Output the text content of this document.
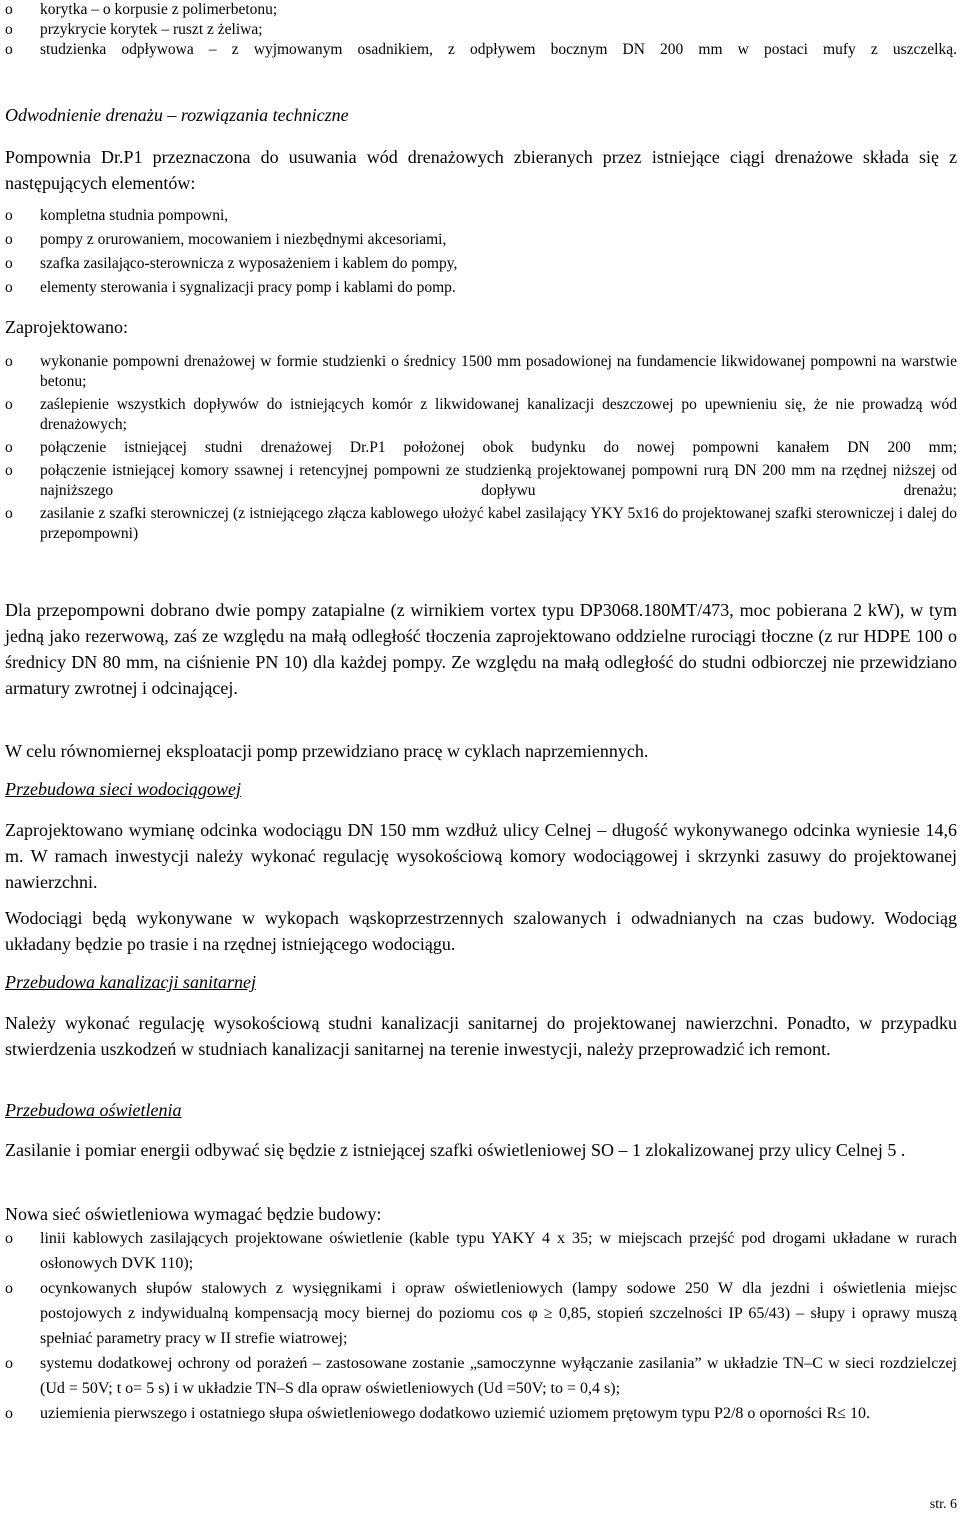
o korytka – o korpusie z polimerbetonu;
o przykrycie korytek – ruszt z żeliwa;
o studzienka odpływowa – z wyjmowanym osadnikiem, z odpływem bocznym DN 200 mm w postaci mufy z uszczelką.
Odwodnienie drenażu – rozwiązania techniczne

Pompownia Dr.P1 przeznaczona do usuwania wód drenażowych zbieranych przez istniejące ciągi drenażowe składa się z następujących elementów:

o kompletna studnia pompowni,
o pompy z orurowaniem, mocowaniem i niezbędnymi akcesoriami,
o szafka zasilająco-sterownicza z wyposażeniem i kablem do pompy,
o elementy sterowania i sygnalizacji pracy pomp i kablami do pomp.
Zaprojektowano:
o wykonanie pompowni drenażowej w formie studzienki o średnicy 1500 mm posadowionej na fundamencie likwidowanej pompowni na warstwie betonu;
o zaślepienie wszystkich dopływów do istniejących komór z likwidowanej kanalizacji deszczowej po upewnieniu się, że nie prowadzą wód drenażowych;
o połączenie istniejącej studni drenażowej Dr.P1 położonej obok budynku do nowej pompowni kanałem DN 200 mm;
o połączenie istniejącej komory ssawnej i retencyjnej pompowni ze studzienką projektowanej pompowni rurą DN 200 mm na rzędnej niższej od najniższego dopływu drenażu;
o zasilanie z szafki sterowniczej (z istniejącego złącza kablowego ułożyć kabel zasilający YKY 5x16 do projektowanej szafki sterowniczej i dalej do przepompowni)

Dla przepompowni dobrano dwie pompy zatapialne (z wirnikiem vortex typu DP3068.180MT/473, moc pobierana 2 kW), w tym jedną jako rezerwową, zaś ze względu na małą odległość tłoczenia zaprojektowano oddzielne rurociągi tłoczne (z rur HDPE 100 o średnicy DN 80 mm, na ciśnienie PN 10) dla każdej pompy. Ze względu na małą odległość do studni odbiorczej nie przewidziano armatury zwrotnej i odcinającej.

W celu równomiernej eksploatacji pomp przewidziano pracę w cyklach naprzemiennych.

Przebudowa sieci wodociągowej

Zaprojektowano wymianę odcinka wodociągu DN 150 mm wzdłuż ulicy Celnej – długość wykonywanego odcinka wyniesie 14,6 m. W ramach inwestycji należy wykonać regulację wysokościową komory wodociągowej i skrzynki zasuwy do projektowanej nawierzchni.

Wodociągi będą wykonywane w wykopach wąskoprzestrzennych szalowanych i odwadnianych na czas budowy. Wodociąg układany będzie po trasie i na rzędnej istniejącego wodociągu.

Przebudowa kanalizacji sanitarnej

Należy wykonać regulację wysokościową studni kanalizacji sanitarnej do projektowanej nawierzchni. Ponadto, w przypadku stwierdzenia uszkodzeń w studniach kanalizacji sanitarnej na terenie inwestycji, należy przeprowadzić ich remont.

Przebudowa oświetlenia

Zasilanie i pomiar energii odbywać się będzie z istniejącej szafki oświetleniowej SO – 1 zlokalizowanej przy ulicy Celnej 5 .

Nowa sieć oświetleniowa wymagać będzie budowy:

o linii kablowych zasilających projektowane oświetlenie (kable typu YAKY 4 x 35; w miejscach przejść pod drogami układane w rurach osłonowych DVK 110);
o ocynkowanych słupów stalowych z wysięgnikami i opraw oświetleniowych (lampy sodowe 250 W dla jezdni i oświetlenia miejsc postojowych z indywidualną kompensacją mocy biernej do poziomu cos φ ≥ 0,85, stopień szczelności IP 65/43) – słupy i oprawy muszą spełniać parametry pracy w II strefie wiatrowej;
o systemu dodatkowej ochrony od porażeń – zastosowane zostanie „samoczynne wyłączanie zasilania” w układzie TN–C w sieci rozdzielczej (Ud = 50V; t o= 5 s) i w układzie TN–S dla opraw oświetleniowych (Ud =50V; to = 0,4 s);
o uziemienia pierwszego i ostatniego słupa oświetleniowego dodatkowo uziemić uziomem prętowym typu P2/8 o oporności R≤ 10.
str. 6
